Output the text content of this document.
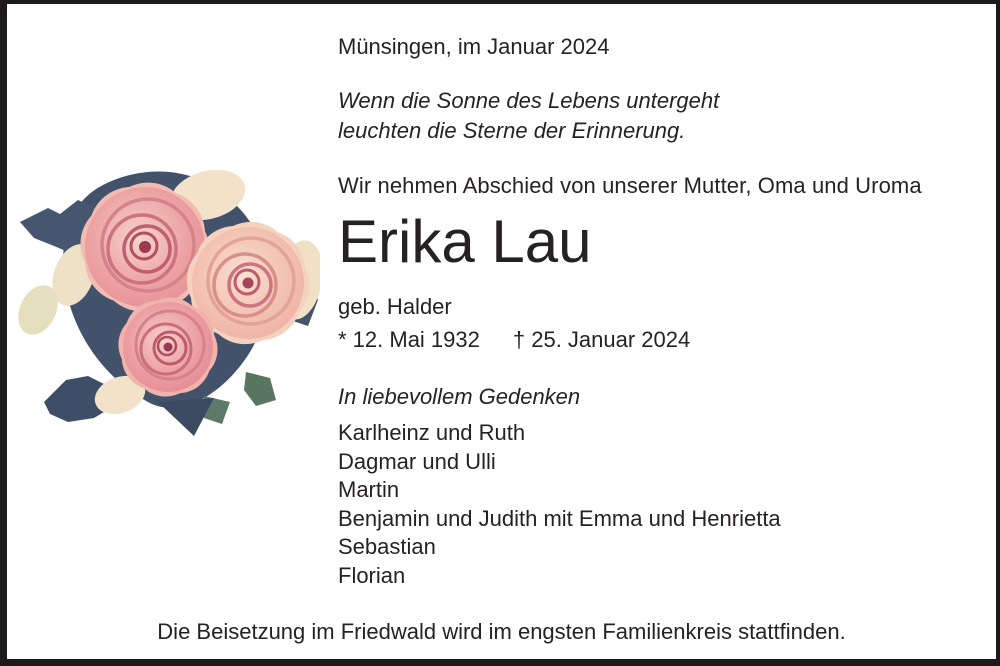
Münsingen, im Januar 2024
Wenn die Sonne des Lebens untergeht
leuchten die Sterne der Erinnerung.
Wir nehmen Abschied von unserer Mutter, Oma und Uroma
Erika Lau
geb. Halder
* 12. Mai 1932 † 25. Januar 2024
In liebevollem Gedenken
Karlheinz und Ruth
Dagmar und Ulli
Martin
Benjamin und Judith mit Emma und Henrietta
Sebastian
Florian
Die Beisetzung im Friedwald wird im engsten Familienkreis stattfinden.
